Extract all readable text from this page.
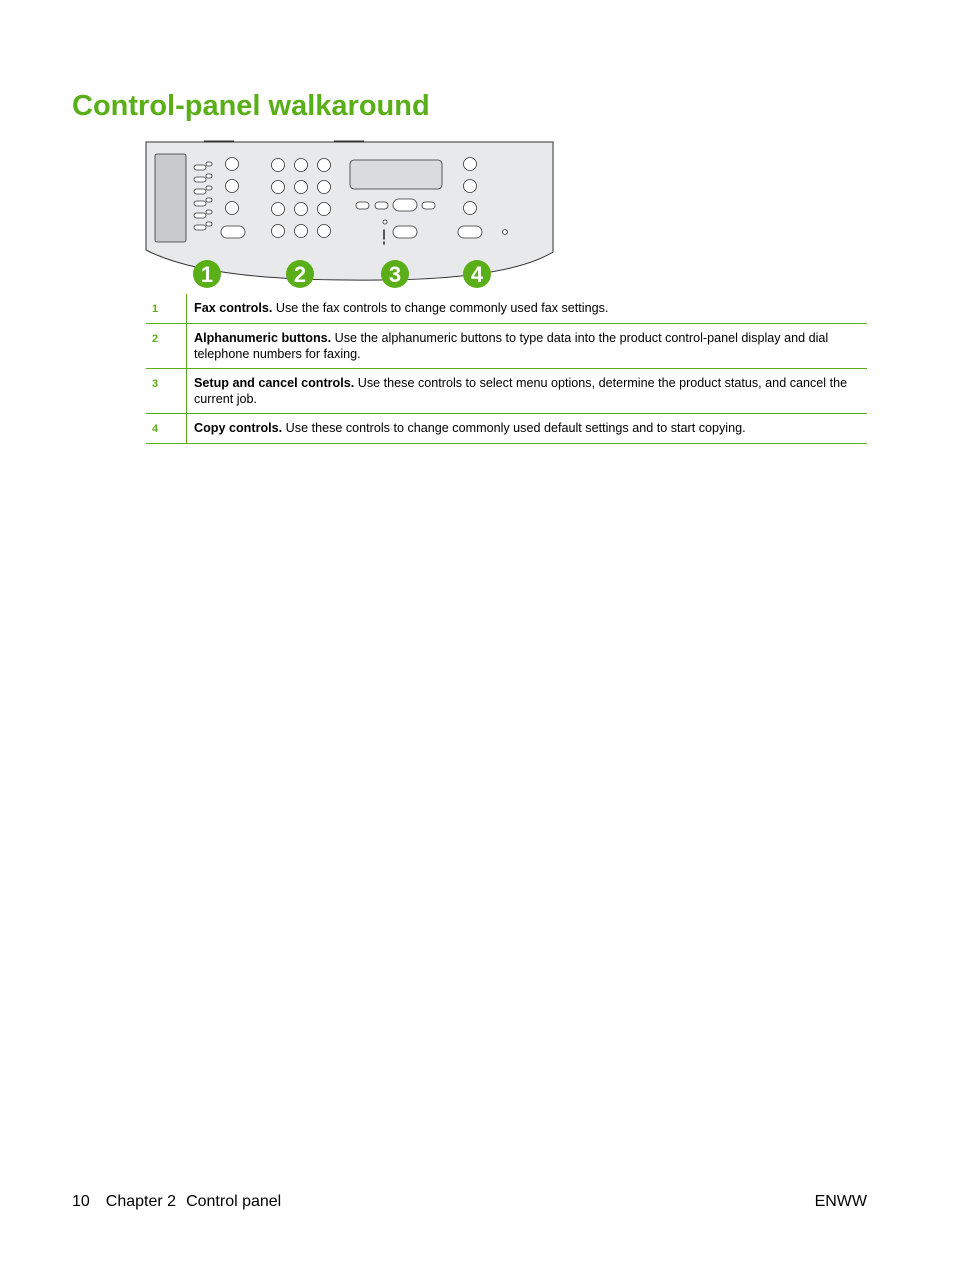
Control-panel walkaround
1	2	3	4
1	Fax controls. Use the fax controls to change commonly used fax settings.
2	Alphanumeric buttons. Use the alphanumeric buttons to type data into the product control-panel display and dial telephone numbers for faxing.
3	Setup and cancel controls. Use these controls to select menu options, determine the product status, and cancel the current job.
4	Copy controls. Use these controls to change commonly used default settings and to start copying.
10 Chapter 2 Control panel	ENWW
